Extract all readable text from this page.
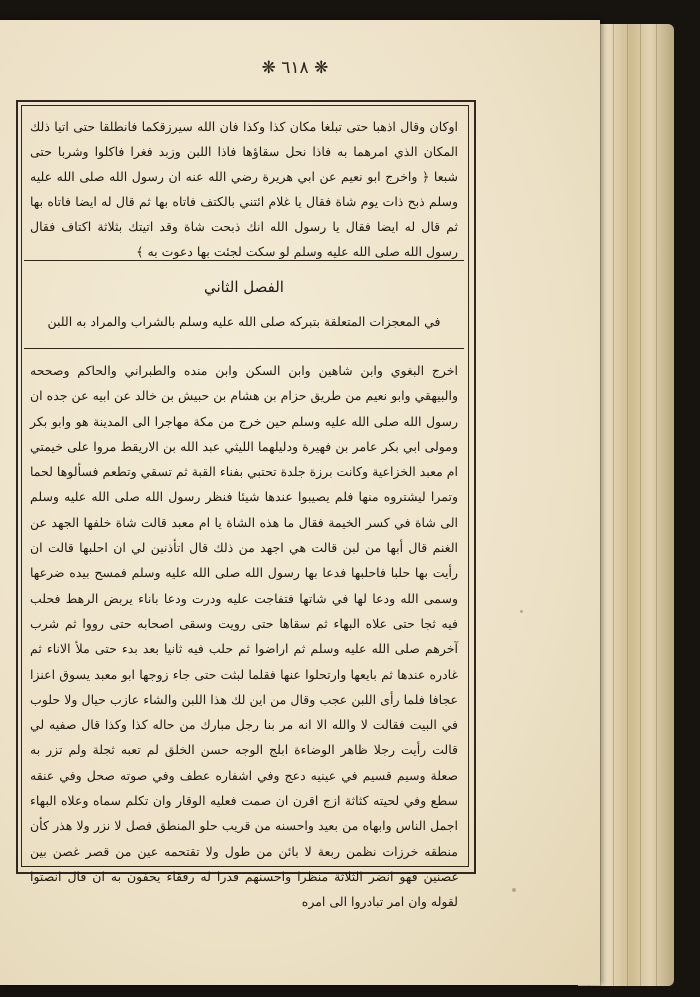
❋ ٦١٨ ❋
اوكان وقال اذهبا حتى تبلغا مكان كذا وكذا فان الله سيرزقكما فانطلقا حتى اتيا ذلك المكان الذي امرهما به فاذا نحل سقاؤها فاذا اللبن وزبد فغرا فاكلوا وشربا حتى شبعا ﴿ واخرج ابو نعيم عن ابي هريرة رضي الله عنه ان رسول الله صلى الله عليه وسلم ذبح ذات يوم شاة فقال يا غلام ائتني بالكتف فاتاه بها ثم قال له ايضا فاتاه بها ثم قال له ايضا فقال يا رسول الله انك ذبحت شاة وقد اتيتك بثلاثة اكتاف فقال رسول الله صلى الله عليه وسلم لو سكت لجئت بها دعوت به ﴾
الفصل الثاني
في المعجزات المتعلقة بتبركه صلى الله عليه وسلم بالشراب والمراد به اللبن
اخرج البغوي وابن شاهين وابن السكن وابن منده والطبراني والحاكم وصححه والبيهقي وابو نعيم من طريق حزام بن هشام بن حبيش بن خالد عن ابيه عن جده ان رسول الله صلى الله عليه وسلم حين خرج من مكة مهاجرا الى المدينة هو وابو بكر ومولى ابي بكر عامر بن فهيرة ودليلهما الليثي عبد الله بن الاريقط مروا على خيمتي ام معبد الخزاعية وكانت برزة جلدة تحتبي بفناء القبة ثم تسقي وتطعم فسألوها لحما وتمرا ليشتروه منها فلم يصيبوا عندها شيئا فنظر رسول الله صلى الله عليه وسلم الى شاة في كسر الخيمة فقال ما هذه الشاة يا ام معبد قالت شاة خلفها الجهد عن الغنم قال أبها من لبن قالت هي اجهد من ذلك قال اتأذنين لي ان احلبها قالت ان رأيت بها حلبا فاحلبها فدعا بها رسول الله صلى الله عليه وسلم فمسح بيده ضرعها وسمى الله ودعا لها في شاتها فتفاجت عليه ودرت ودعا باناء يربض الرهط فحلب فيه ثجا حتى علاه البهاء ثم سقاها حتى رويت وسقى اصحابه حتى رووا ثم شرب آخرهم صلى الله عليه وسلم ثم اراضوا ثم حلب فيه ثانيا بعد بدء حتى ملأ الاناء ثم غادره عندها ثم بايعها وارتحلوا عنها فقلما لبثت حتى جاء زوجها ابو معبد يسوق اعنزا عجافا فلما رأى اللبن عجب وقال من اين لك هذا اللبن والشاء عازب حيال ولا حلوب في البيت فقالت لا والله الا انه مر بنا رجل مبارك من حاله كذا وكذا قال صفيه لي قالت رأيت رجلا ظاهر الوضاءة ابلج الوجه حسن الخلق لم تعبه ثجلة ولم تزر به صعلة وسيم قسيم في عينيه دعج وفي اشفاره عطف وفي صوته صحل وفي عنقه سطع وفي لحيته كثاثة ازج اقرن ان صمت فعليه الوقار وان تكلم سماه وعلاه البهاء اجمل الناس وابهاه من بعيد واحسنه من قريب حلو المنطق فصل لا نزر ولا هذر كأن منطقه خرزات نظمن ربعة لا بائن من طول ولا تقتحمه عين من قصر غصن بين غصنين فهو انضر الثلاثة منظرا واحسنهم قدرا له رفقاء يحفون به ان قال انصتوا لقوله وان امر تبادروا الى امره
